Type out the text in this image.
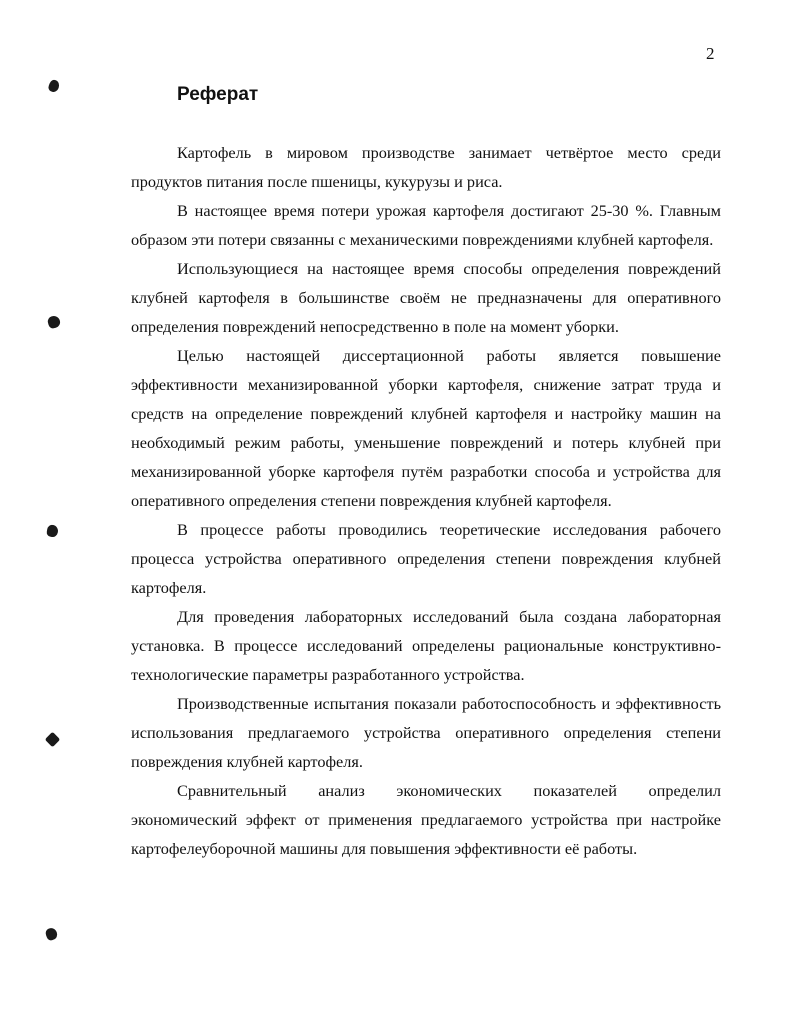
2
Реферат

Картофель в мировом производстве занимает четвёртое место среди продуктов питания после пшеницы, кукурузы и риса.

В настоящее время потери урожая картофеля достигают 25-30 %. Главным образом эти потери связанны с механическими повреждениями клубней картофеля.

Использующиеся на настоящее время способы определения повреждений клубней картофеля в большинстве своём не предназначены для оперативного определения повреждений непосредственно в поле на момент уборки.

Целью настоящей диссертационной работы является повышение эффективности механизированной уборки картофеля, снижение затрат труда и средств на определение повреждений клубней картофеля и настройку машин на необходимый режим работы, уменьшение повреждений и потерь клубней при механизированной уборке картофеля путём разработки способа и устройства для оперативного определения степени повреждения клубней картофеля.

В процессе работы проводились теоретические исследования рабочего процесса устройства оперативного определения степени повреждения клубней картофеля.

Для проведения лабораторных исследований была создана лабораторная установка. В процессе исследований определены рациональные конструктивно-технологические параметры разработанного устройства.

Производственные испытания показали работоспособность и эффективность использования предлагаемого устройства оперативного определения степени повреждения клубней картофеля.

Сравнительный анализ экономических показателей определил экономический эффект от применения предлагаемого устройства при настройке картофелеуборочной машины для повышения эффективности её работы.
